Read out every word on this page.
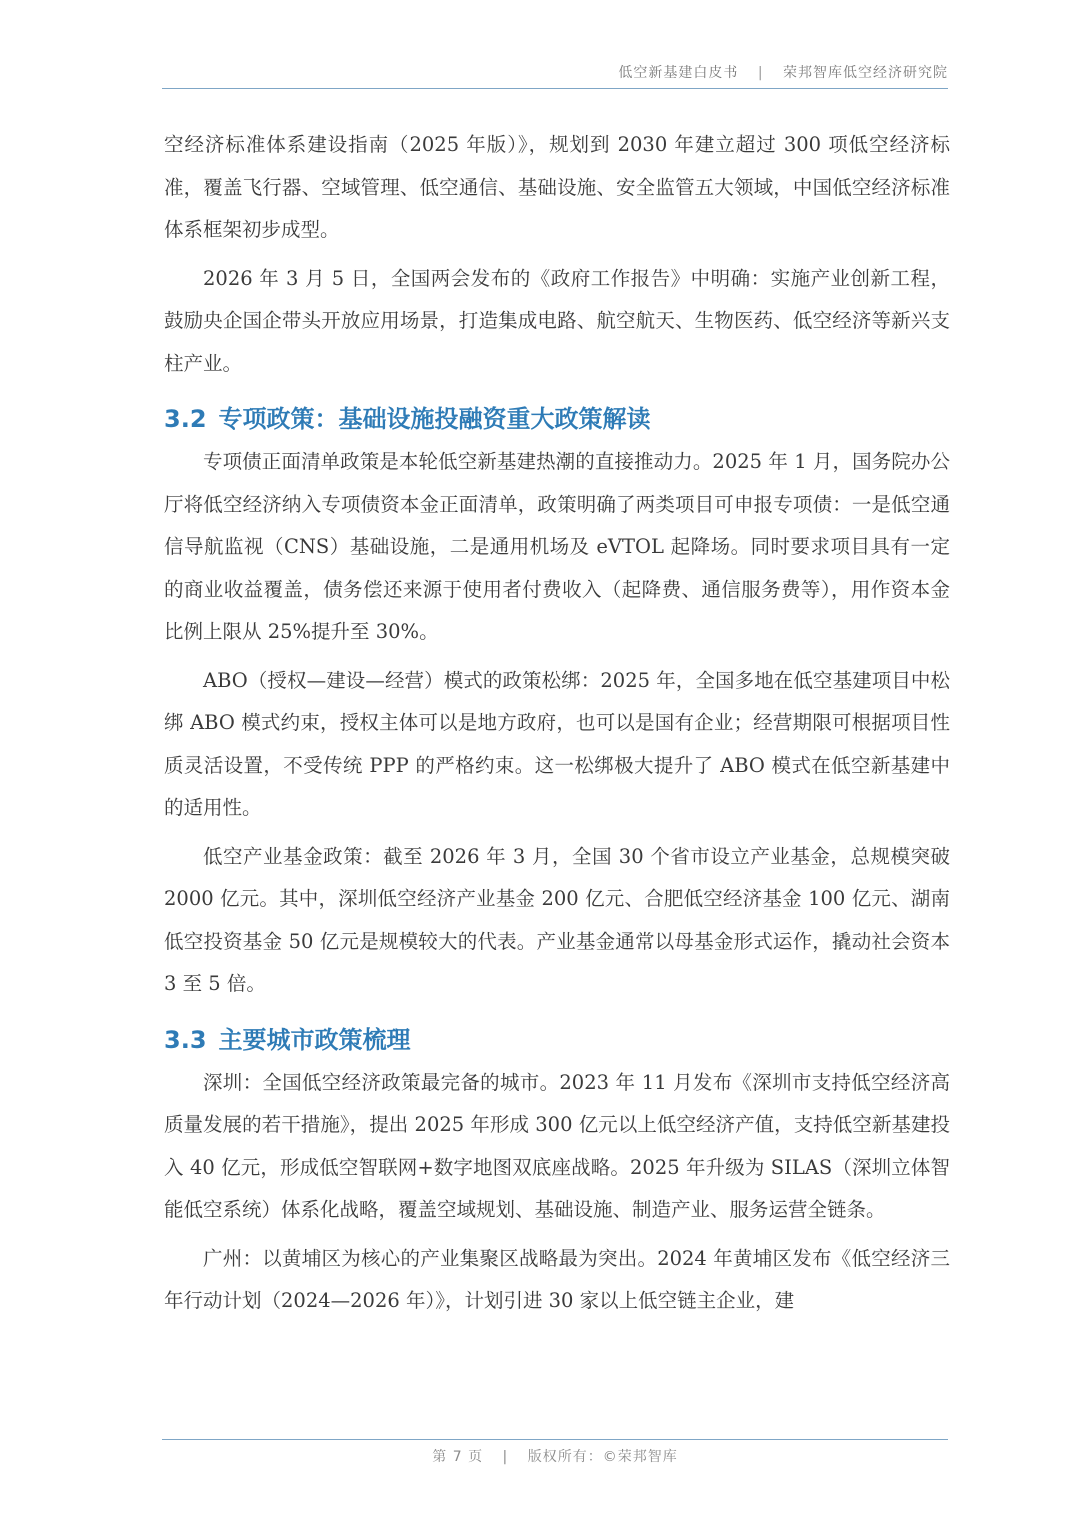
低空新基建白皮书 | 荣邦智库低空经济研究院

空经济标准体系建设指南（2025 年版）》，规划到 2030 年建立超过 300 项低空经济标准，覆盖飞行器、空域管理、低空通信、基础设施、安全监管五大领域，中国低空经济标准体系框架初步成型。

2026 年 3 月 5 日，全国两会发布的《政府工作报告》中明确：实施产业创新工程，鼓励央企国企带头开放应用场景，打造集成电路、航空航天、生物医药、低空经济等新兴支柱产业。

3.2 专项政策：基础设施投融资重大政策解读

专项债正面清单政策是本轮低空新基建热潮的直接推动力。2025 年 1 月，国务院办公厅将低空经济纳入专项债资本金正面清单，政策明确了两类项目可申报专项债：一是低空通信导航监视（CNS）基础设施，二是通用机场及 eVTOL 起降场。同时要求项目具有一定的商业收益覆盖，债务偿还来源于使用者付费收入（起降费、通信服务费等），用作资本金比例上限从 25%提升至 30%。

ABO（授权—建设—经营）模式的政策松绑：2025 年，全国多地在低空基建项目中松绑 ABO 模式约束，授权主体可以是地方政府，也可以是国有企业；经营期限可根据项目性质灵活设置，不受传统 PPP 的严格约束。这一松绑极大提升了 ABO 模式在低空新基建中的适用性。

低空产业基金政策：截至 2026 年 3 月，全国 30 个省市设立产业基金，总规模突破 2000 亿元。其中，深圳低空经济产业基金 200 亿元、合肥低空经济基金 100 亿元、湖南低空投资基金 50 亿元是规模较大的代表。产业基金通常以母基金形式运作，撬动社会资本 3 至 5 倍。

3.3 主要城市政策梳理

深圳：全国低空经济政策最完备的城市。2023 年 11 月发布《深圳市支持低空经济高质量发展的若干措施》，提出 2025 年形成 300 亿元以上低空经济产值，支持低空新基建投入 40 亿元，形成低空智联网+数字地图双底座战略。2025 年升级为 SILAS（深圳立体智能低空系统）体系化战略，覆盖空域规划、基础设施、制造产业、服务运营全链条。

广州：以黄埔区为核心的产业集聚区战略最为突出。2024 年黄埔区发布《低空经济三年行动计划（2024—2026 年）》，计划引进 30 家以上低空链主企业，建

第 7 页 | 版权所有：©荣邦智库
